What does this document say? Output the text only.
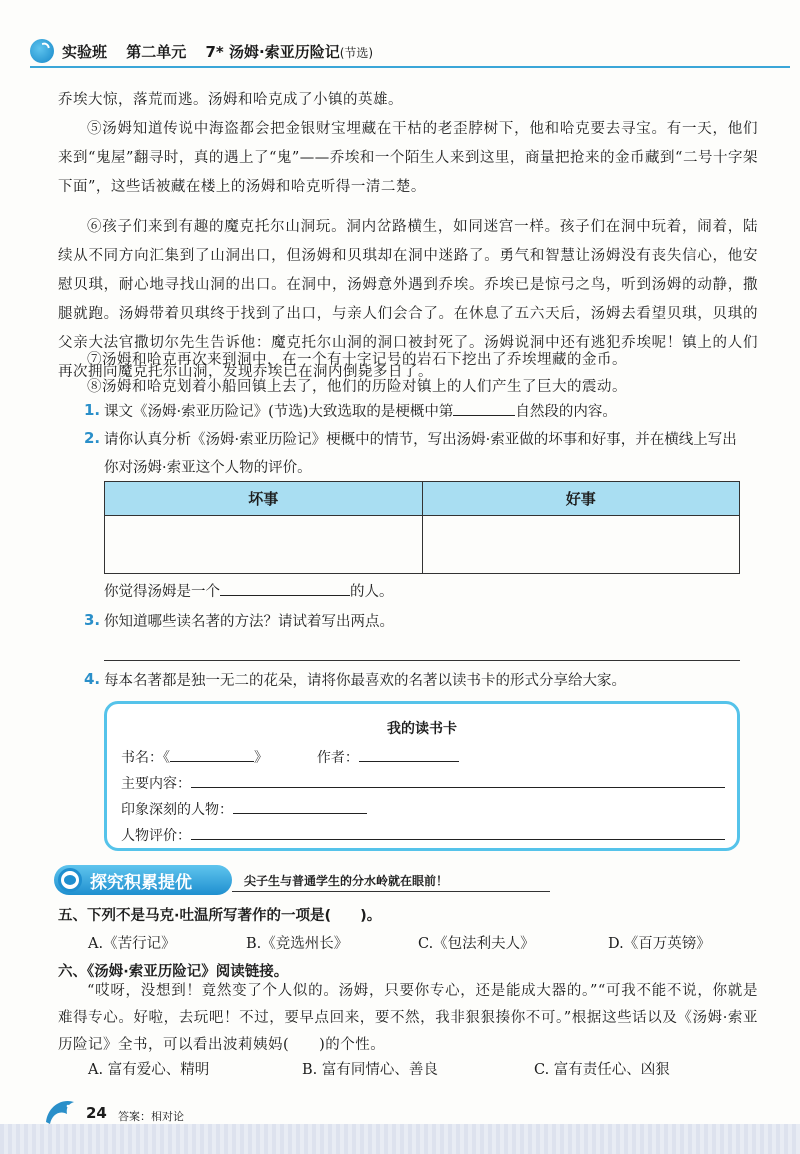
实验班 第二单元 7* 汤姆·索亚历险记(节选)
乔埃大惊，落荒而逃。汤姆和哈克成了小镇的英雄。
⑤汤姆知道传说中海盗都会把金银财宝埋藏在干枯的老歪脖树下，他和哈克要去寻宝。有一天，他们来到“鬼屋”翻寻时，真的遇上了“鬼”——乔埃和一个陌生人来到这里，商量把抢来的金币藏到“二号十字架下面”，这些话被藏在楼上的汤姆和哈克听得一清二楚。
⑥孩子们来到有趣的魔克托尔山洞玩。洞内岔路横生，如同迷宫一样。孩子们在洞中玩着，闹着，陆续从不同方向汇集到了山洞出口，但汤姆和贝琪却在洞中迷路了。勇气和智慧让汤姆没有丧失信心，他安慰贝琪，耐心地寻找山洞的出口。在洞中，汤姆意外遇到乔埃。乔埃已是惊弓之鸟，听到汤姆的动静，撒腿就跑。汤姆带着贝琪终于找到了出口，与亲人们会合了。在休息了五六天后，汤姆去看望贝琪，贝琪的父亲大法官撒切尔先生告诉他：魔克托尔山洞的洞口被封死了。汤姆说洞中还有逃犯乔埃呢！镇上的人们再次拥向魔克托尔山洞，发现乔埃已在洞内倒毙多日了。
⑦汤姆和哈克再次来到洞中，在一个有十字记号的岩石下挖出了乔埃埋藏的金币。
⑧汤姆和哈克划着小船回镇上去了，他们的历险对镇上的人们产生了巨大的震动。
1. 课文《汤姆·索亚历险记》(节选)大致选取的是梗概中第	自然段的内容。
2. 请你认真分析《汤姆·索亚历险记》梗概中的情节，写出汤姆·索亚做的坏事和好事，并在横线上写出你对汤姆·索亚这个人物的评价。
坏事	好事
你觉得汤姆是一个	的人。
3. 你知道哪些读名著的方法？请试着写出两点。
4. 每本名著都是独一无二的花朵，请将你最喜欢的名著以读书卡的形式分享给大家。
我的读书卡
书名：《	》	作者：
主要内容：
印象深刻的人物：
人物评价：
探究积累提优	尖子生与普通学生的分水岭就在眼前！
五、下列不是马克·吐温所写著作的一项是(　　)。
A.《苦行记》	B.《竞选州长》	C.《包法利夫人》	D.《百万英镑》
六、《汤姆·索亚历险记》阅读链接。
“哎呀，没想到！竟然变了个人似的。汤姆，只要你专心，还是能成大器的。”“可我不能不说，你就是难得专心。好啦，去玩吧！不过，要早点回来，要不然，我非狠狠揍你不可。”根据这些话以及《汤姆·索亚历险记》全书，可以看出波莉姨妈(　　)的个性。
A. 富有爱心、精明	B. 富有同情心、善良	C. 富有责任心、凶狠
24 答案：相对论
